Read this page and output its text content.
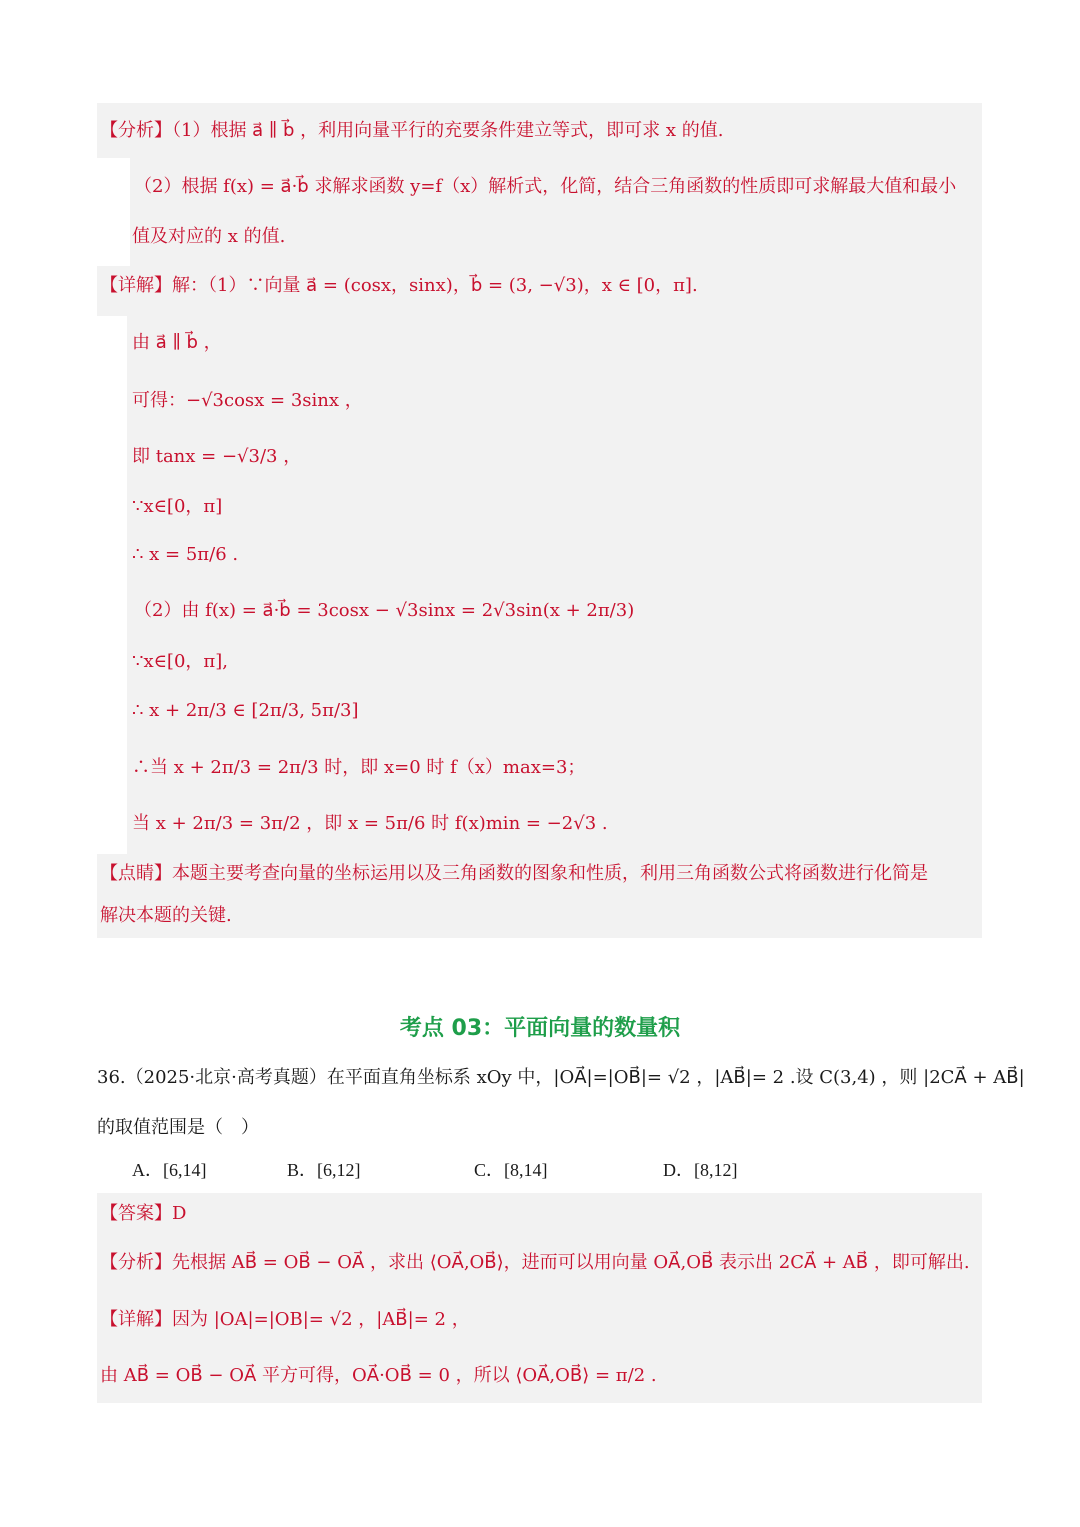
【分析】（1）根据 a⃗ ∥ b⃗ ，利用向量平行的充要条件建立等式，即可求 x 的值.
（2）根据 f(x) = a⃗·b⃗ 求解求函数 y=f（x）解析式，化简，结合三角函数的性质即可求解最大值和最小
值及对应的 x 的值.
【详解】解：（1）∵向量 a⃗ = (cosx，sinx)，b⃗ = (3, −√3)，x ∈ [0，π].
由 a⃗ ∥ b⃗ ，
可得：−√3cosx = 3sinx ，
即 tanx = −√3/3 ，
∵x∈[0，π]
∴ x = 5π/6 .
（2）由 f(x) = a⃗·b⃗ = 3cosx − √3sinx = 2√3sin(x + 2π/3)
∵x∈[0，π],
∴ x + 2π/3 ∈ [2π/3, 5π/3]
∴当 x + 2π/3 = 2π/3 时，即 x=0 时 f（x）max=3；
当 x + 2π/3 = 3π/2 ，即 x = 5π/6 时 f(x)min = −2√3 .
【点睛】本题主要考查向量的坐标运用以及三角函数的图象和性质，利用三角函数公式将函数进行化简是
解决本题的关键.
考点 03：平面向量的数量积
36.（2025·北京·高考真题）在平面直角坐标系 xOy 中，|OA⃗|=|OB⃗|= √2 ，|AB⃗|= 2 .设 C(3,4) ，则 |2CA⃗ + AB⃗|
的取值范围是（　）
A．[6,14]	B．[6,12]	C．[8,14]	D．[8,12]
【答案】D
【分析】先根据 AB⃗ = OB⃗ − OA⃗ ，求出 ⟨OA⃗,OB⃗⟩，进而可以用向量 OA⃗,OB⃗ 表示出 2CA⃗ + AB⃗ ，即可解出.
【详解】因为 |OA|=|OB|= √2 ，|AB⃗|= 2 ，
由 AB⃗ = OB⃗ − OA⃗ 平方可得，OA⃗·OB⃗ = 0 ，所以 ⟨OA⃗,OB⃗⟩ = π/2 .
